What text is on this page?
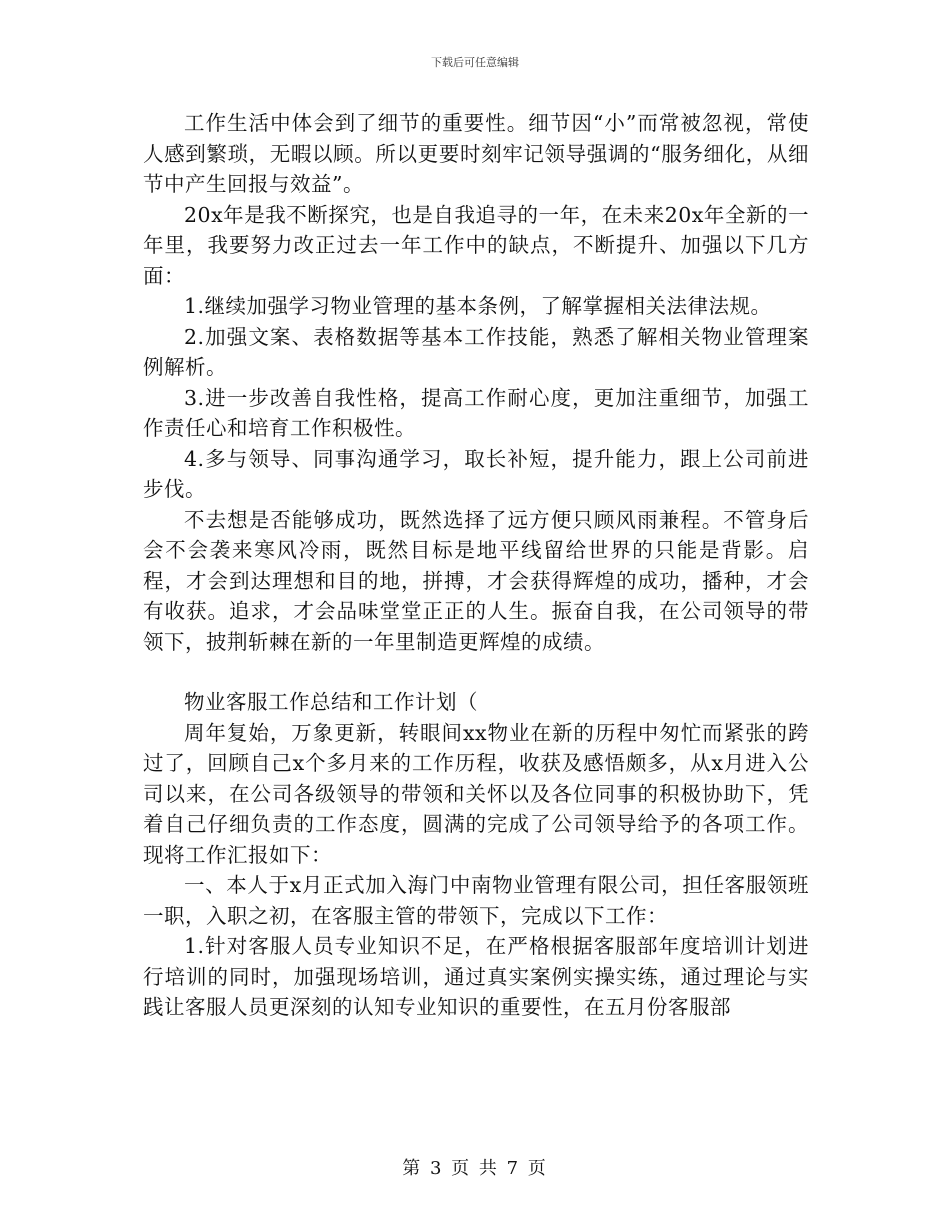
下载后可任意编辑

工作生活中体会到了细节的重要性。细节因“小”而常被忽视，常使人感到繁琐，无暇以顾。所以更要时刻牢记领导强调的“服务细化，从细节中产生回报与效益”。

20x年是我不断探究，也是自我追寻的一年，在未来20x年全新的一年里，我要努力改正过去一年工作中的缺点，不断提升、加强以下几方面：

1.继续加强学习物业管理的基本条例，了解掌握相关法律法规。

2.加强文案、表格数据等基本工作技能，熟悉了解相关物业管理案例解析。

3.进一步改善自我性格，提高工作耐心度，更加注重细节，加强工作责任心和培育工作积极性。

4.多与领导、同事沟通学习，取长补短，提升能力，跟上公司前进步伐。

不去想是否能够成功，既然选择了远方便只顾风雨兼程。不管身后会不会袭来寒风冷雨，既然目标是地平线留给世界的只能是背影。启程，才会到达理想和目的地，拼搏，才会获得辉煌的成功，播种，才会有收获。追求，才会品味堂堂正正的人生。振奋自我，在公司领导的带领下，披荆斩棘在新的一年里制造更辉煌的成绩。

物业客服工作总结和工作计划（

周年复始，万象更新，转眼间xx物业在新的历程中匆忙而紧张的跨过了，回顾自己x个多月来的工作历程，收获及感悟颇多，从x月进入公司以来，在公司各级领导的带领和关怀以及各位同事的积极协助下，凭着自己仔细负责的工作态度，圆满的完成了公司领导给予的各项工作。现将工作汇报如下：

一、本人于x月正式加入海门中南物业管理有限公司，担任客服领班一职，入职之初，在客服主管的带领下，完成以下工作：

1.针对客服人员专业知识不足，在严格根据客服部年度培训计划进行培训的同时，加强现场培训，通过真实案例实操实练，通过理论与实践让客服人员更深刻的认知专业知识的重要性，在五月份客服部

第 3 页 共 7 页
